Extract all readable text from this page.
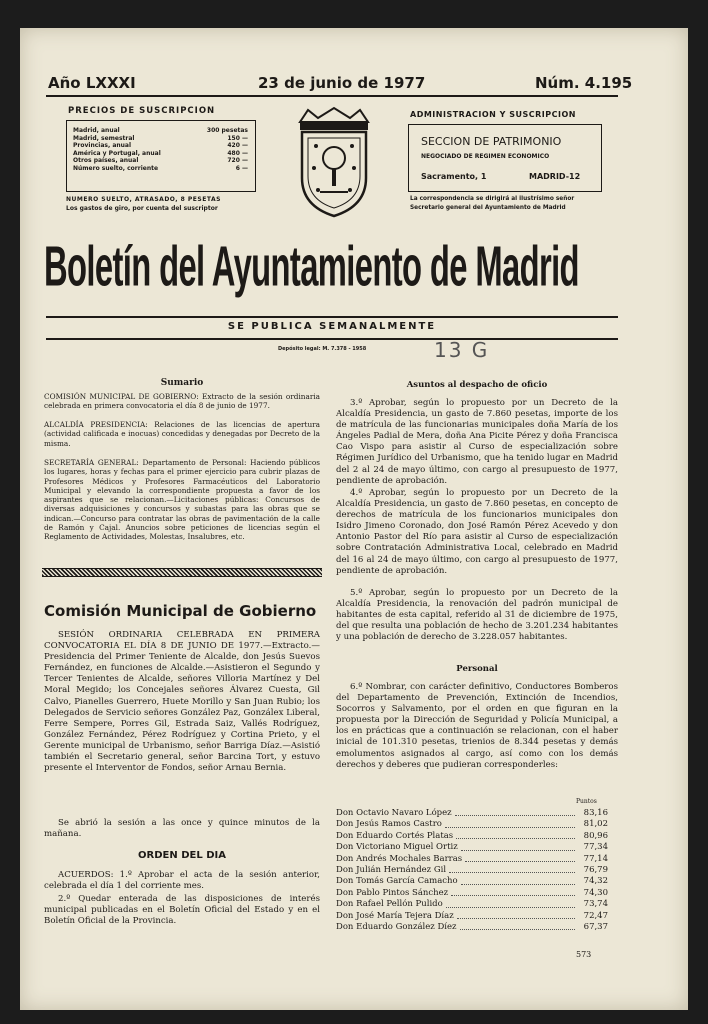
Año LXXXI	23 de junio de 1977	Núm. 4.195
PRECIOS DE SUSCRIPCION
Madrid, anual	300 pesetas
Madrid, semestral	150 —
Provincias, anual	420 —
América y Portugal, anual	480 —
Otros países, anual	720 —
Número suelto, corriente	6 —
NUMERO SUELTO, ATRASADO, 8 PESETAS
Los gastos de giro, por cuenta del suscriptor
ADMINISTRACION Y SUSCRIPCION
SECCION DE PATRIMONIO
NEGOCIADO DE REGIMEN ECONOMICO
Sacramento, 1	MADRID-12
La correspondencia se dirigirá al ilustrísimo señor
Secretario general del Ayuntamiento de Madrid
Boletín del Ayuntamiento de Madrid
SE PUBLICA SEMANALMENTE
Depósito legal: M. 7.378 - 1958	13 G
Sumario
COMISIÓN MUNICIPAL DE GOBIERNO: Extracto de la sesión ordinaria celebrada en primera convocatoria el día 8 de junio de 1977.
ALCALDÍA PRESIDENCIA: Relaciones de las licencias de apertura (actividad calificada e inocuas) concedidas y denegadas por Decreto de la misma.
SECRETARÍA GENERAL: Departamento de Personal: Haciendo públicos los lugares, horas y fechas para el primer ejercicio para cubrir plazas de Profesores Médicos y Profesores Farmacéuticos del Laboratorio Municipal y elevando la correspondiente propuesta a favor de los aspirantes que se relacionan.—Licitaciones públicas: Concursos de diversas adquisiciones y concursos y subastas para las obras que se indican.—Concurso para contratar las obras de pavimentación de la calle de Ramón y Cajal. Anuncios sobre peticiones de licencias según el Reglamento de Actividades, Molestas, Insalubres, etc.
Comisión Municipal de Gobierno
SESIÓN ORDINARIA CELEBRADA EN PRIMERA CONVOCATORIA EL DÍA 8 DE JUNIO DE 1977.—Extracto.—Presidencia del Primer Teniente de Alcalde, don Jesús Suevos Fernández, en funciones de Alcalde.—Asistieron el Segundo y Tercer Tenientes de Alcalde, señores Villoria Martínez y Del Moral Megido; los Concejales señores Álvarez Cuesta, Gil Calvo, Pianelles Guerrero, Huete Morillo y San Juan Rubio; los Delegados de Servicio señores González Paz, Gonzálex Liberal, Ferre Sempere, Porres Gil, Estrada Saiz, Vallés Rodríguez, González Fernández, Pérez Rodríguez y Cortina Prieto, y el Gerente municipal de Urbanismo, señor Barriga Díaz.—Asistió también el Secretario general, señor Barcina Tort, y estuvo presente el Interventor de Fondos, señor Arnau Bernia.
Se abrió la sesión a las once y quince minutos de la mañana.
ORDEN DEL DIA
ACUERDOS: 1.º Aprobar el acta de la sesión anterior, celebrada el día 1 del corriente mes.
2.º Quedar enterada de las disposiciones de interés municipal publicadas en el Boletín Oficial del Estado y en el Boletín Oficial de la Provincia.
Asuntos al despacho de oficio
3.º Aprobar, según lo propuesto por un Decreto de la Alcaldía Presidencia, un gasto de 7.860 pesetas, importe de los de matrícula de las funcionarias municipales doña María de los Ángeles Padial de Mera, doña Ana Picite Pérez y doña Francisca Cao Vispo para asistir al Curso de especialización sobre Régimen Jurídico del Urbanismo, que ha tenido lugar en Madrid del 2 al 24 de mayo último, con cargo al presupuesto de 1977, pendiente de aprobación.
4.º Aprobar, según lo propuesto por un Decreto de la Alcaldía Presidencia, un gasto de 7.860 pesetas, en concepto de derechos de matrícula de los funcionarios municipales don Isidro Jimeno Coronado, don José Ramón Pérez Acevedo y don Antonio Pastor del Río para asistir al Curso de especialización sobre Contratación Administrativa Local, celebrado en Madrid del 16 al 24 de mayo último, con cargo al presupuesto de 1977, pendiente de aprobación.
5.º Aprobar, según lo propuesto por un Decreto de la Alcaldía Presidencia, la renovación del padrón municipal de habitantes de esta capital, referido al 31 de diciembre de 1975, del que resulta una población de hecho de 3.201.234 habitantes y una población de derecho de 3.228.057 habitantes.
Personal
6.º Nombrar, con carácter definitivo, Conductores Bomberos del Departamento de Prevención, Extinción de Incendios, Socorros y Salvamento, por el orden en que figuran en la propuesta por la Dirección de Seguridad y Policía Municipal, a los en prácticas que a continuación se relacionan, con el haber inicial de 101.310 pesetas, trienios de 8.344 pesetas y demás emolumentos asignados al cargo, así como con los demás derechos y deberes que pudieran corresponderles:
Puntos
Don Octavio Navaro López	83,16
Don Jesús Ramos Castro	81,02
Don Eduardo Cortés Platas	80,96
Don Victoriano Miguel Ortiz	77,34
Don Andrés Mochales Barras	77,14
Don Julián Hernández Gil	76,79
Don Tomás García Camacho	74,32
Don Pablo Pintos Sánchez	74,30
Don Rafael Pellón Pulido	73,74
Don José María Tejera Díaz	72,47
Don Eduardo González Díez	67,37
573
